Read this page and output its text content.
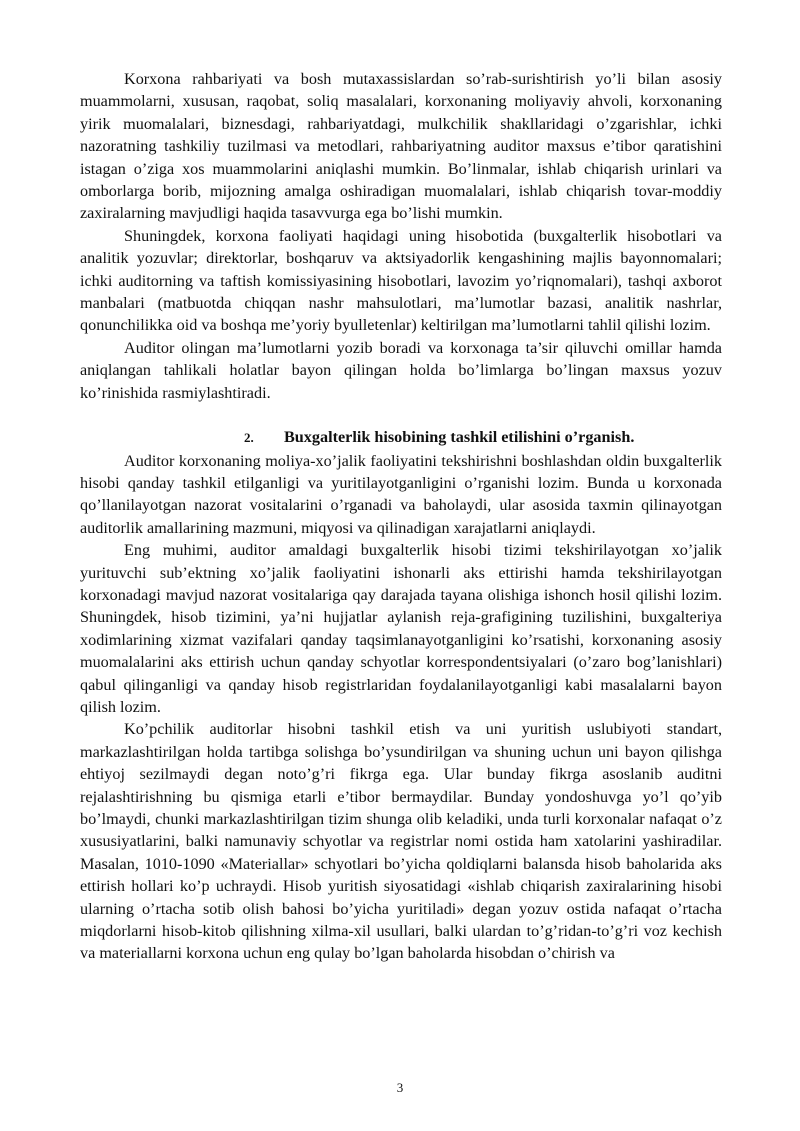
Korxona rahbariyati va bosh mutaxassislardan so’rab-surishtirish yo’li bilan asosiy muammolarni, xususan, raqobat, soliq masalalari, korxonaning moliyaviy ahvoli, korxonaning yirik muomalalari, biznesdagi, rahbariyatdagi, mulkchilik shakllaridagi o’zgarishlar, ichki nazoratning tashkiliy tuzilmasi va metodlari, rahbariyatning auditor maxsus e’tibor qaratishini istagan o’ziga xos muammolarini aniqlashi mumkin. Bo’linmalar, ishlab chiqarish urinlari va omborlarga borib, mijozning amalga oshiradigan muomalalari, ishlab chiqarish tovar-moddiy zaxiralarning mavjudligi haqida tasavvurga ega bo’lishi mumkin.

Shuningdek, korxona faoliyati haqidagi uning hisobotida (buxgalterlik hisobotlari va analitik yozuvlar; direktorlar, boshqaruv va aktsiyadorlik kengashining majlis bayonnomalari; ichki auditorning va taftish komissiyasining hisobotlari, lavozim yo’riqnomalari), tashqi axborot manbalari (matbuotda chiqqan nashr mahsulotlari, ma’lumotlar bazasi, analitik nashrlar, qonunchilikka oid va boshqa me’yoriy byulletenlar) keltirilgan ma’lumotlarni tahlil qilishi lozim.

Auditor olingan ma’lumotlarni yozib boradi va korxonaga ta’sir qiluvchi omillar hamda aniqlangan tahlikali holatlar bayon qilingan holda bo’limlarga bo’lingan maxsus yozuv ko’rinishida rasmiylashtiradi.

2. Buxgalterlik hisobining tashkil etilishini o’rganish.

Auditor korxonaning moliya-xo’jalik faoliyatini tekshirishni boshlashdan oldin buxgalterlik hisobi qanday tashkil etilganligi va yuritilayotganligini o’rganishi lozim. Bunda u korxonada qo’llanilayotgan nazorat vositalarini o’rganadi va baholaydi, ular asosida taxmin qilinayotgan auditorlik amallarining mazmuni, miqyosi va qilinadigan xarajatlarni aniqlaydi.

Eng muhimi, auditor amaldagi buxgalterlik hisobi tizimi tekshirilayotgan xo’jalik yurituvchi sub’ektning xo’jalik faoliyatini ishonarli aks ettirishi hamda tekshirilayotgan korxonadagi mavjud nazorat vositalariga qay darajada tayana olishiga ishonch hosil qilishi lozim. Shuningdek, hisob tizimini, ya’ni hujjatlar aylanish reja-grafigining tuzilishini, buxgalteriya xodimlarining xizmat vazifalari qanday taqsimlanayotganligini ko’rsatishi, korxonaning asosiy muomalalarini aks ettirish uchun qanday schyotlar korrespondentsiyalari (o’zaro bog’lanishlari) qabul qilinganligi va qanday hisob registrlaridan foydalanilayotganligi kabi masalalarni bayon qilish lozim.

Ko’pchilik auditorlar hisobni tashkil etish va uni yuritish uslubiyoti standart, markazlashtirilgan holda tartibga solishga bo’ysundirilgan va shuning uchun uni bayon qilishga ehtiyoj sezilmaydi degan noto’g’ri fikrga ega. Ular bunday fikrga asoslanib auditni rejalashtirishning bu qismiga etarli e’tibor bermaydilar. Bunday yondoshuvga yo’l qo’yib bo’lmaydi, chunki markazlashtirilgan tizim shunga olib keladiki, unda turli korxonalar nafaqat o’z xususiyatlarini, balki namunaviy schyotlar va registrlar nomi ostida ham xatolarini yashiradilar. Masalan, 1010-1090 «Materiallar» schyotlari bo’yicha qoldiqlarni balansda hisob baholarida aks ettirish hollari ko’p uchraydi. Hisob yuritish siyosatidagi «ishlab chiqarish zaxiralarining hisobi ularning o’rtacha sotib olish bahosi bo’yicha yuritiladi» degan yozuv ostida nafaqat o’rtacha miqdorlarni hisob-kitob qilishning xilma-xil usullari, balki ulardan to’g’ridan-to’g’ri voz kechish va materiallarni korxona uchun eng qulay bo’lgan baholarda hisobdan o’chirish va

3
